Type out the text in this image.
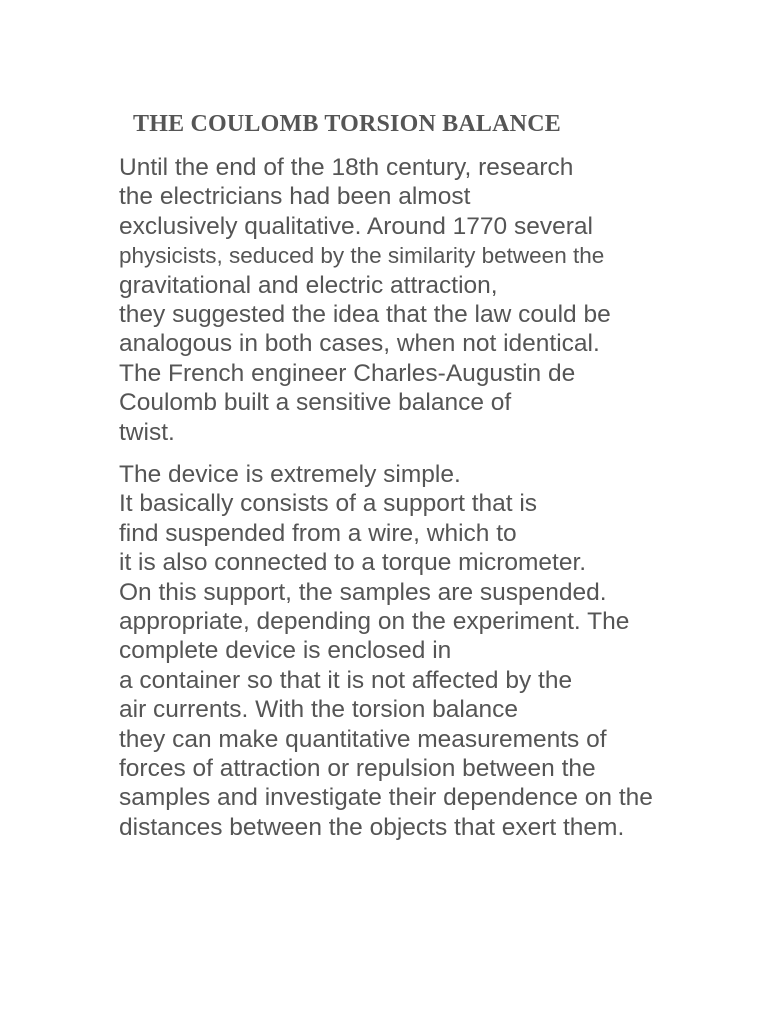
THE COULOMB TORSION BALANCE

Until the end of the 18th century, research
the electricians had been almost
exclusively qualitative. Around 1770 several
physicists, seduced by the similarity between the
gravitational and electric attraction,
they suggested the idea that the law could be
analogous in both cases, when not identical.
The French engineer Charles-Augustin de
Coulomb built a sensitive balance of
twist.

The device is extremely simple.
It basically consists of a support that is
find suspended from a wire, which to
it is also connected to a torque micrometer.
On this support, the samples are suspended.
appropriate, depending on the experiment. The
complete device is enclosed in
a container so that it is not affected by the
air currents. With the torsion balance
they can make quantitative measurements of
forces of attraction or repulsion between the
samples and investigate their dependence on the
distances between the objects that exert them.
